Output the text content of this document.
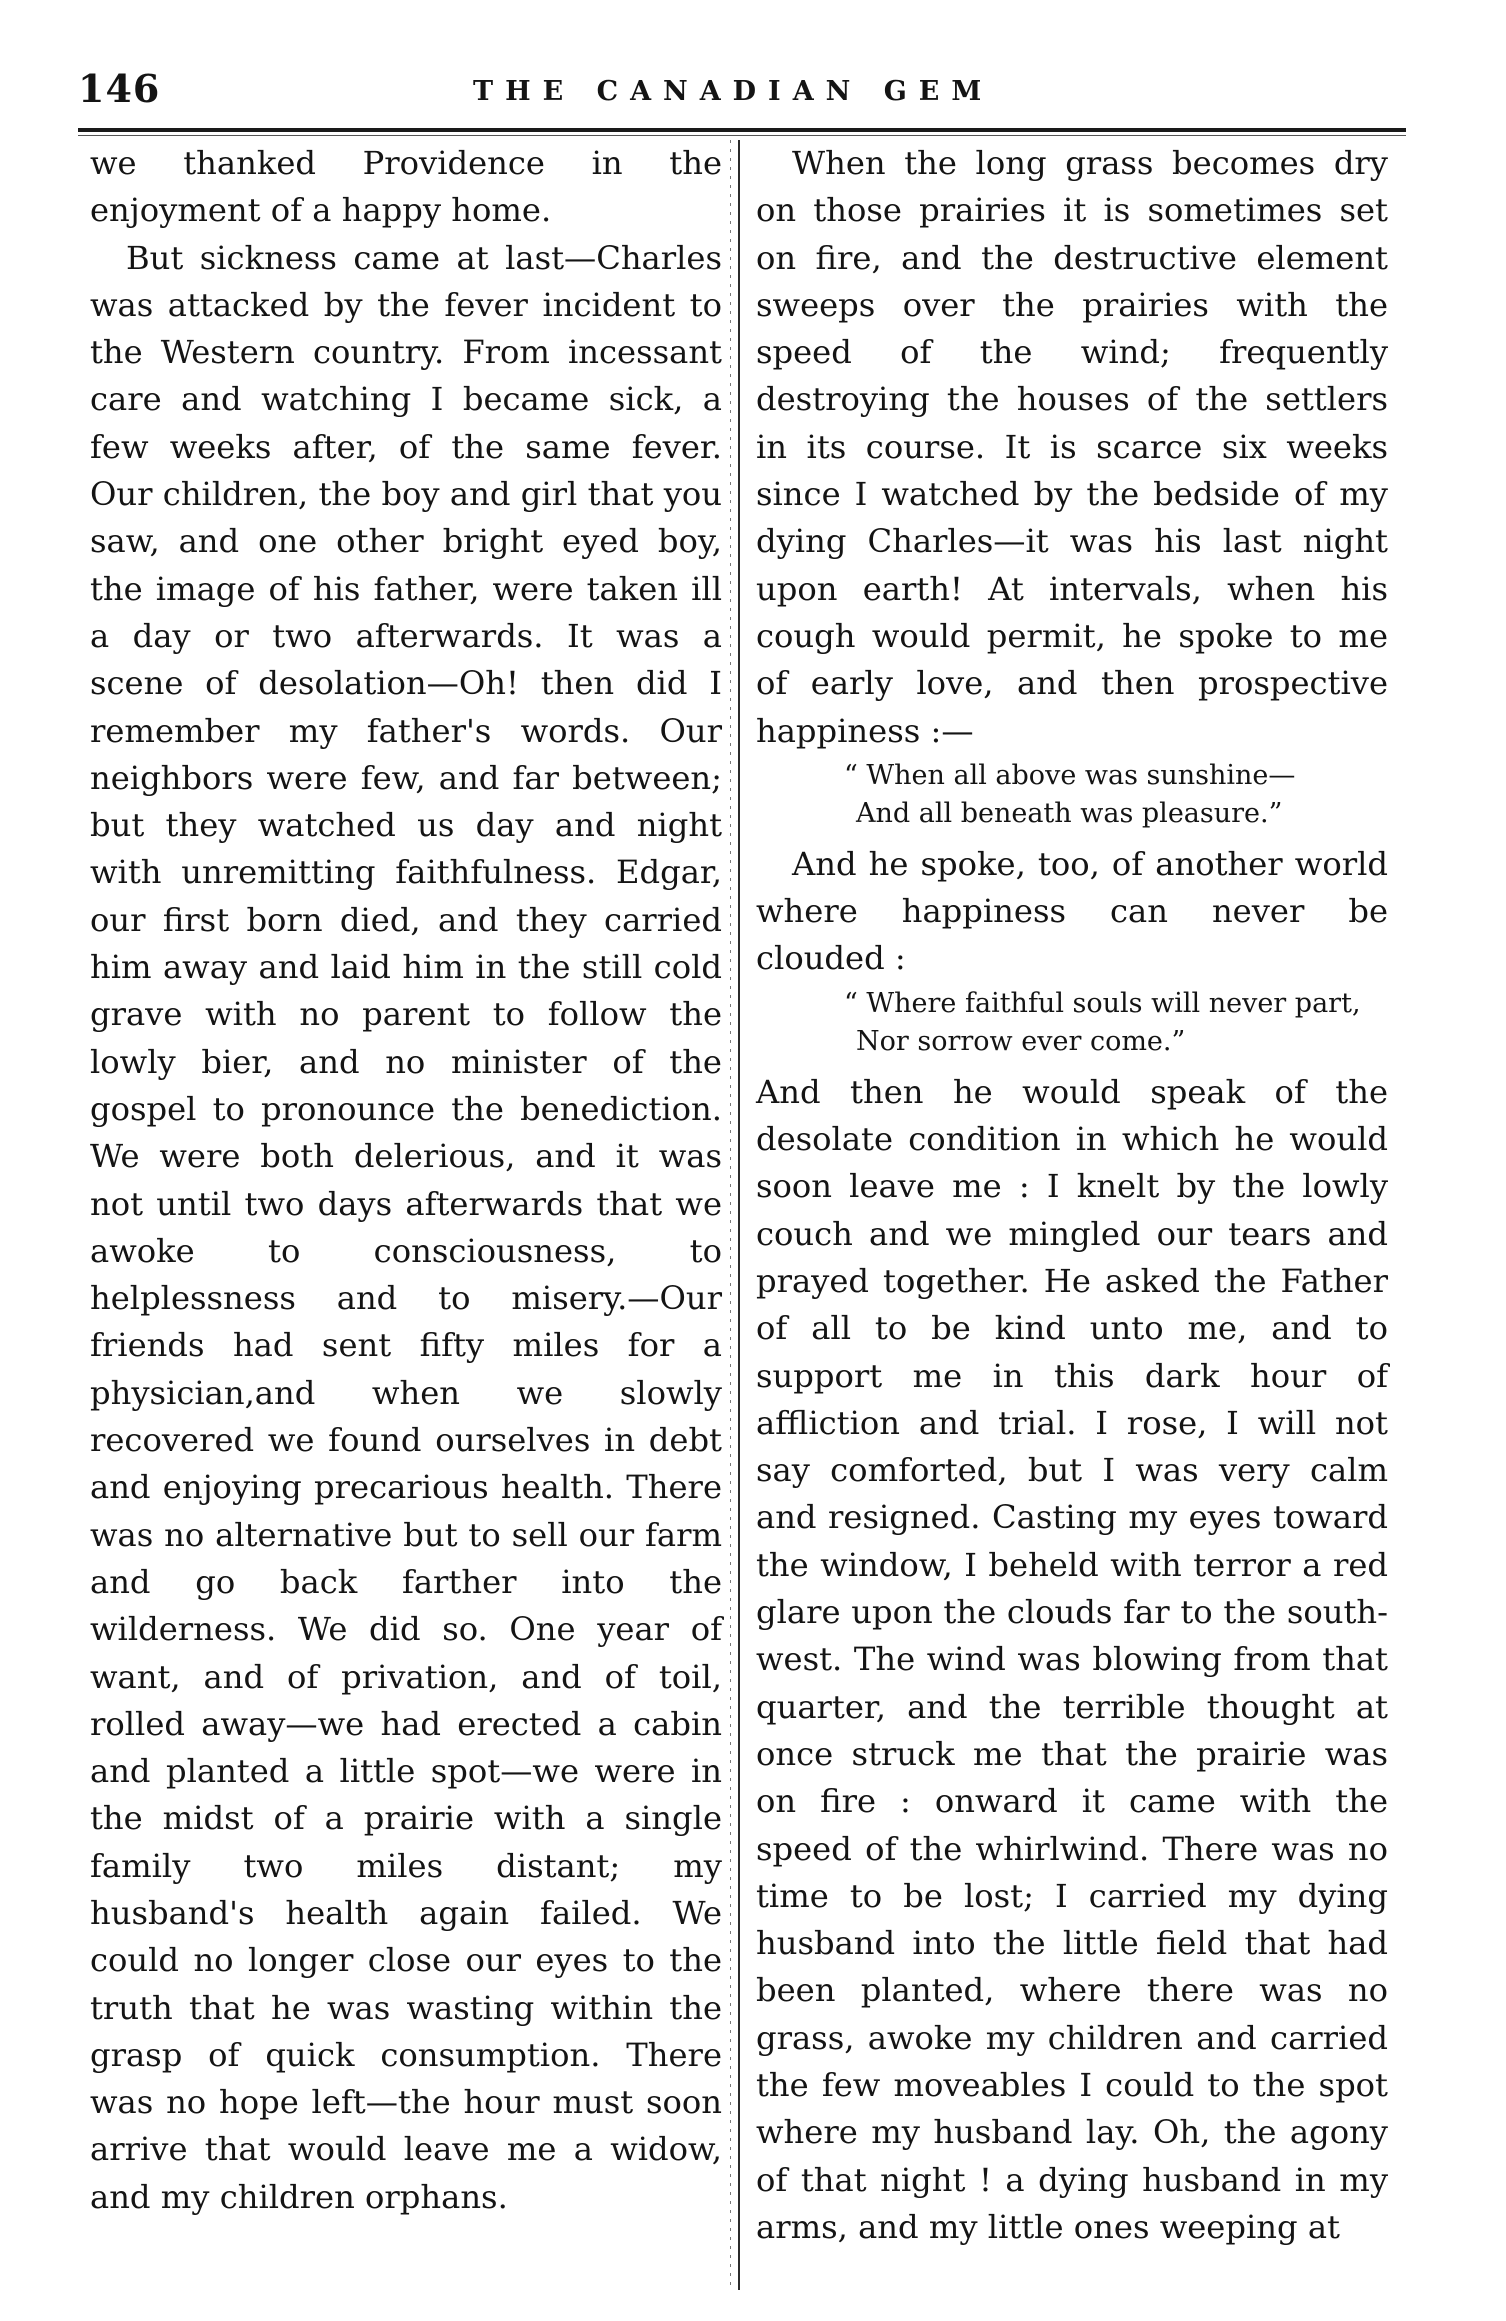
146	THE CANADIAN GEM

we thanked Providence in the enjoyment of a happy home.

But sickness came at last—Charles was attacked by the fever incident to the Western country. From incessant care and watching I became sick, a few weeks after, of the same fever. Our children, the boy and girl that you saw, and one other bright eyed boy, the image of his father, were taken ill a day or two afterwards. It was a scene of desolation—Oh! then did I remember my father's words. Our neighbors were few, and far between; but they watched us day and night with unremitting faithfulness. Edgar, our first born died, and they carried him away and laid him in the still cold grave with no parent to follow the lowly bier, and no minister of the gospel to pronounce the benediction. We were both delerious, and it was not until two days afterwards that we awoke to consciousness, to helplessness and to misery.—Our friends had sent fifty miles for a physician,and when we slowly recovered we found ourselves in debt and enjoying precarious health. There was no alternative but to sell our farm and go back farther into the wilderness. We did so. One year of want, and of privation, and of toil, rolled away—we had erected a cabin and planted a little spot—we were in the midst of a prairie with a single family two miles distant; my husband's health again failed. We could no longer close our eyes to the truth that he was wasting within the grasp of quick consumption. There was no hope left—the hour must soon arrive that would leave me a widow, and my children orphans.

When the long grass becomes dry on those prairies it is sometimes set on fire, and the destructive element sweeps over the prairies with the speed of the wind; frequently destroying the houses of the settlers in its course. It is scarce six weeks since I watched by the bedside of my dying Charles—it was his last night upon earth! At intervals, when his cough would permit, he spoke to me of early love, and then prospective happiness :—

“ When all above was sunshine—
And all beneath was pleasure.”

And he spoke, too, of another world where happiness can never be clouded :

“ Where faithful souls will never part,
Nor sorrow ever come.”

And then he would speak of the desolate condition in which he would soon leave me : I knelt by the lowly couch and we mingled our tears and prayed together. He asked the Father of all to be kind unto me, and to support me in this dark hour of affliction and trial. I rose, I will not say comforted, but I was very calm and resigned. Casting my eyes toward the window, I beheld with terror a red glare upon the clouds far to the south-west. The wind was blowing from that quarter, and the terrible thought at once struck me that the prairie was on fire : onward it came with the speed of the whirlwind. There was no time to be lost; I carried my dying husband into the little field that had been planted, where there was no grass, awoke my children and carried the few moveables I could to the spot where my husband lay. Oh, the agony of that night ! a dying husband in my arms, and my little ones weeping at
